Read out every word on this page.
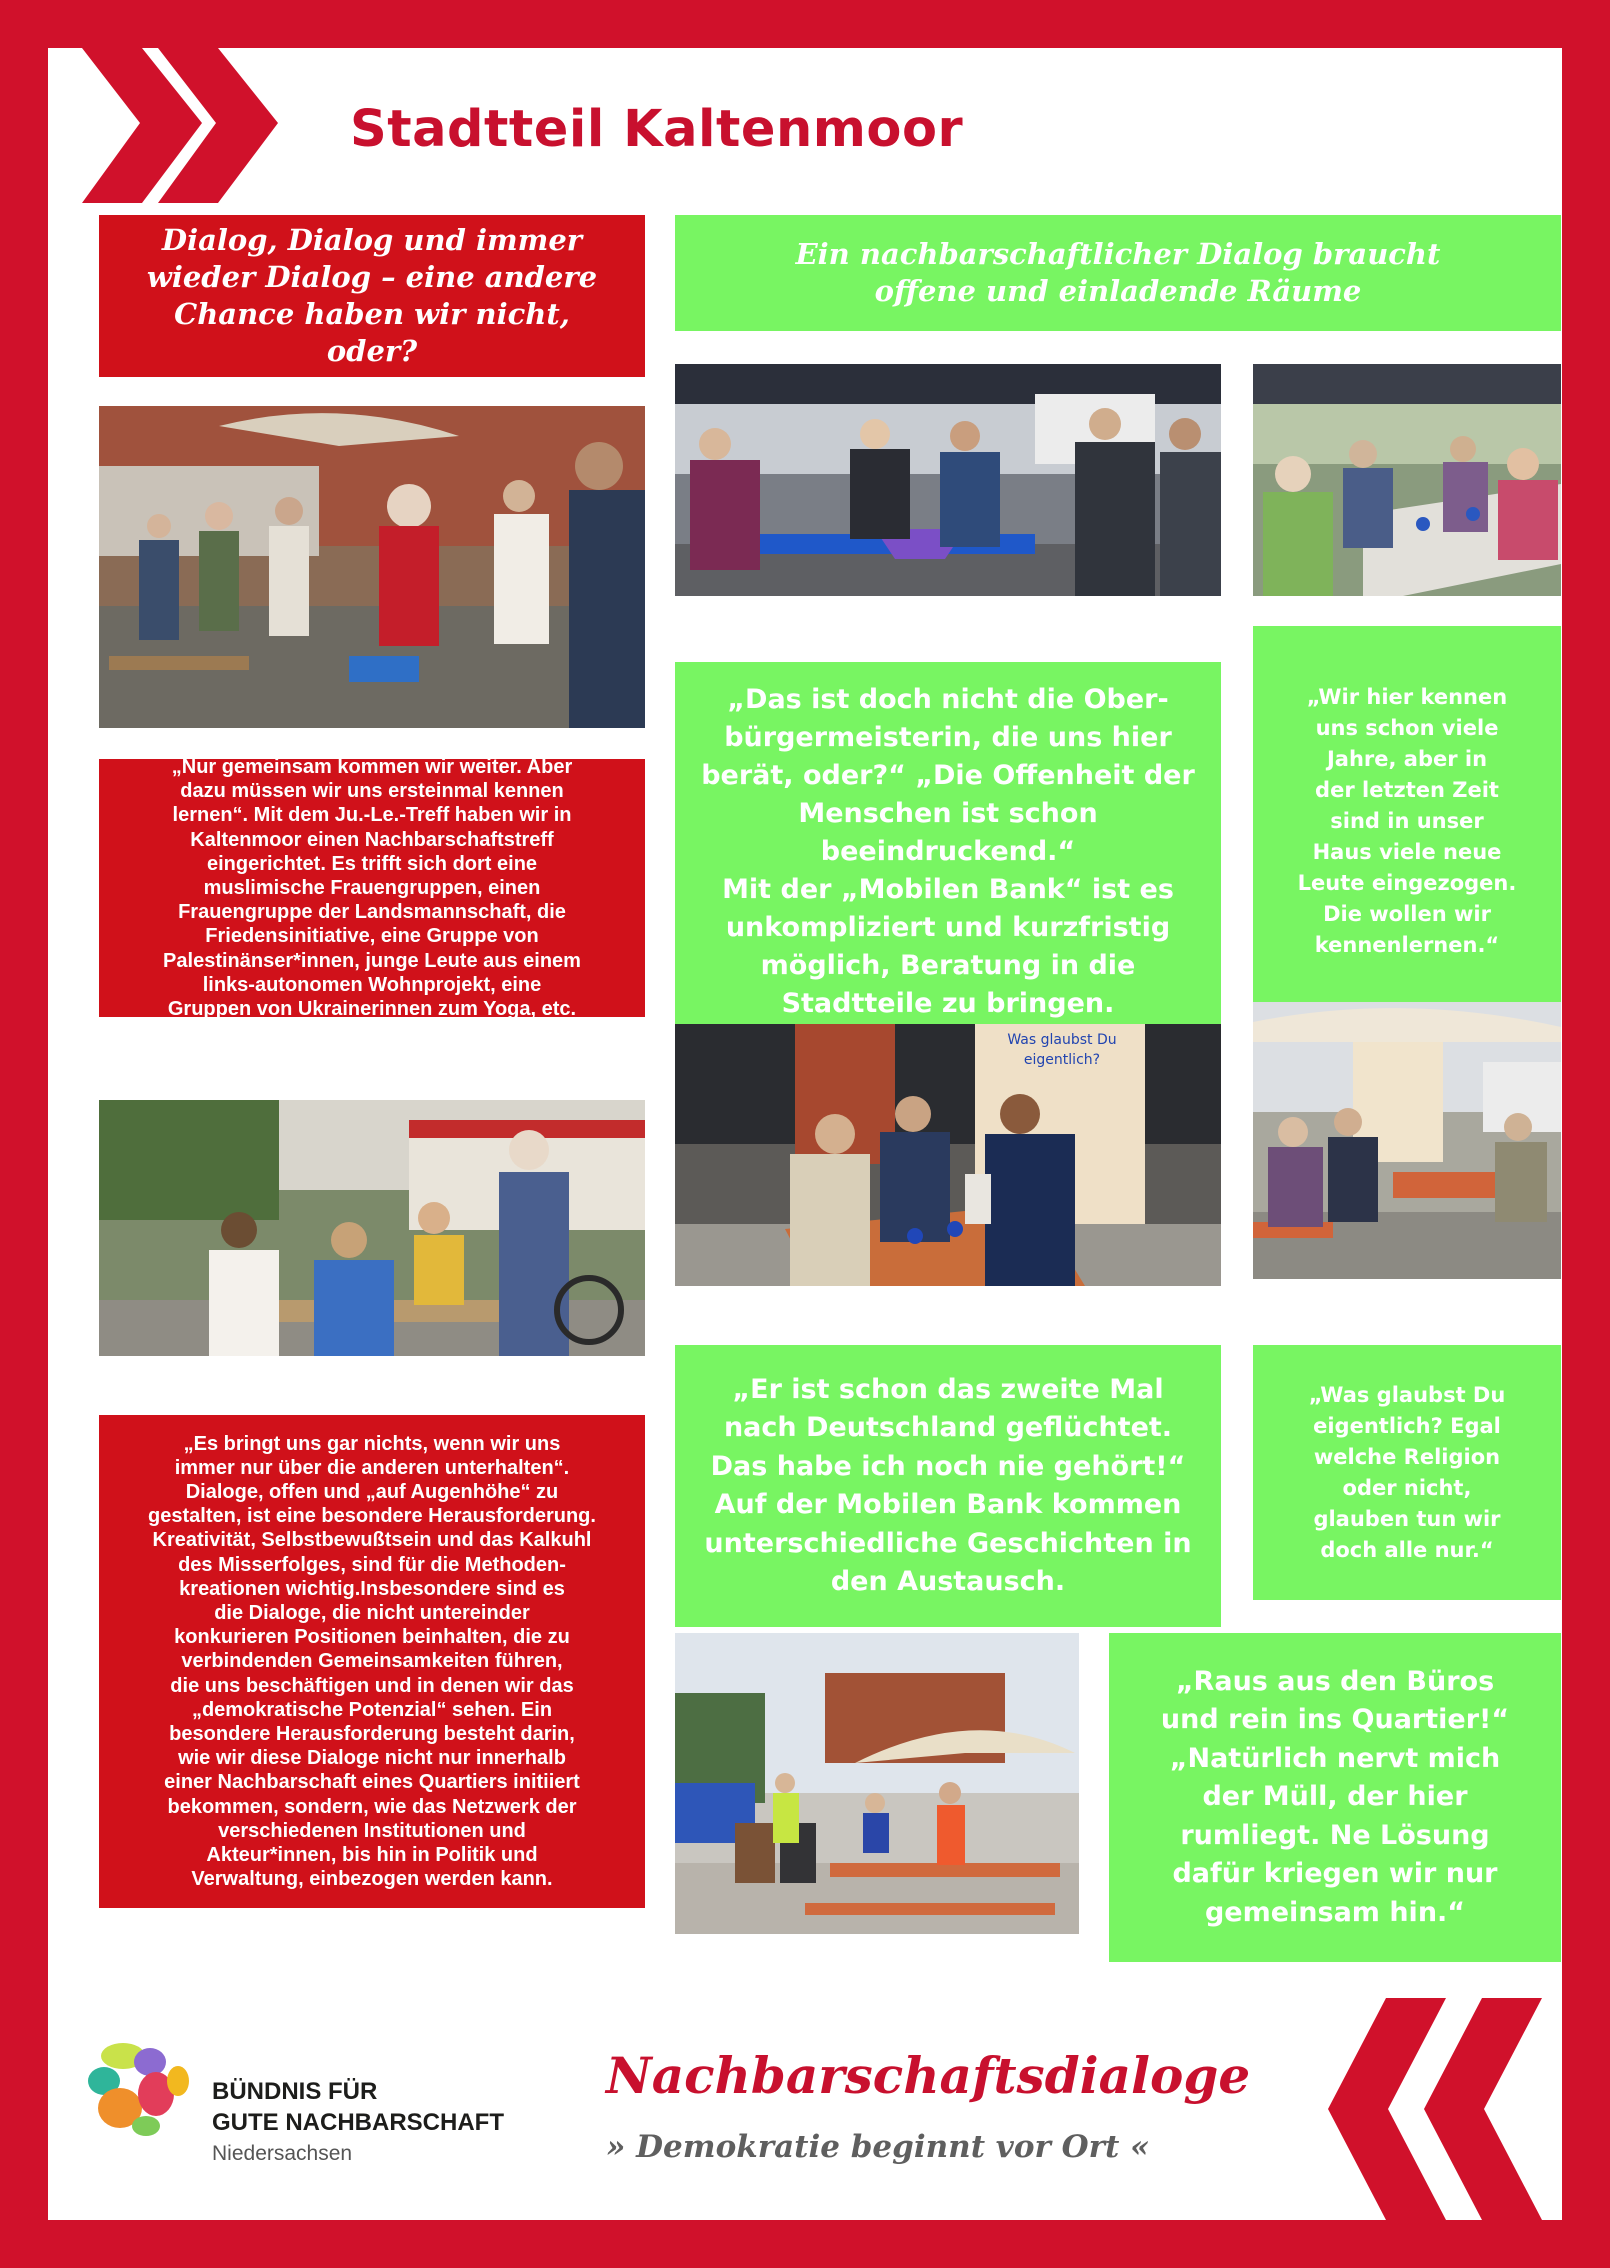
Stadtteil Kaltenmoor
Dialog, Dialog und immer
wieder Dialog – eine andere
Chance haben wir nicht, oder?
„Nur gemeinsam kommen wir weiter. Aber
dazu müssen wir uns ersteinmal kennen
lernen“. Mit dem Ju.-Le.-Treff haben wir in
Kaltenmoor einen Nachbarschaftstreff
eingerichtet. Es trifft sich dort eine
muslimische Frauengruppen, einen
Frauengruppe der Landsmannschaft, die
Friedensinitiative, eine Gruppe von
Palestinänser*innen, junge Leute aus einem
links-autonomen Wohnprojekt, eine
Gruppen von Ukrainerinnen zum Yoga, etc.
„Es bringt uns gar nichts, wenn wir uns
immer nur über die anderen unterhalten“.
Dialoge, offen und „auf Augenhöhe“ zu
gestalten, ist eine besondere Herausforderung.
Kreativität, Selbstbewußtsein und das Kalkuhl
des Misserfolges, sind für die Methoden-
kreationen wichtig.Insbesondere sind es
die Dialoge, die nicht untereinder
konkurieren Positionen beinhalten, die zu
verbindenden Gemeinsamkeiten führen,
die uns beschäftigen und in denen wir das
„demokratische Potenzial“ sehen. Ein
besondere Herausforderung besteht darin,
wie wir diese Dialoge nicht nur innerhalb
einer Nachbarschaft eines Quartiers initiiert
bekommen, sondern, wie das Netzwerk der
verschiedenen Institutionen und
Akteur*innen, bis hin in Politik und
Verwaltung, einbezogen werden kann.
Ein nachbarschaftlicher Dialog braucht
offene und einladende Räume
„Das ist doch nicht die Ober-
bürgermeisterin, die uns hier
berät, oder?“ „Die Offenheit der
Menschen ist schon beeindruckend.“
Mit der „Mobilen Bank“ ist es
unkompliziert und kurzfristig
möglich, Beratung in die
Stadtteile zu bringen.
„Wir hier kennen
uns schon viele
Jahre, aber in
der letzten Zeit
sind in unser
Haus viele neue
Leute eingezogen.
Die wollen wir
kennenlernen.“
Was glaubst Du
eigentlich?
„Er ist schon das zweite Mal
nach Deutschland geflüchtet.
Das habe ich noch nie gehört!“
Auf der Mobilen Bank kommen
unterschiedliche Geschichten in
den Austausch.
„Was glaubst Du
eigentlich? Egal
welche Religion
oder nicht,
glauben tun wir
doch alle nur.“
„Raus aus den Büros
und rein ins Quartier!“
„Natürlich nervt mich
der Müll, der hier
rumliegt. Ne Lösung
dafür kriegen wir nur
gemeinsam hin.“
BÜNDNIS FÜR
GUTE NACHBARSCHAFT
Niedersachsen
Nachbarschaftsdialoge
» Demokratie beginnt vor Ort «
